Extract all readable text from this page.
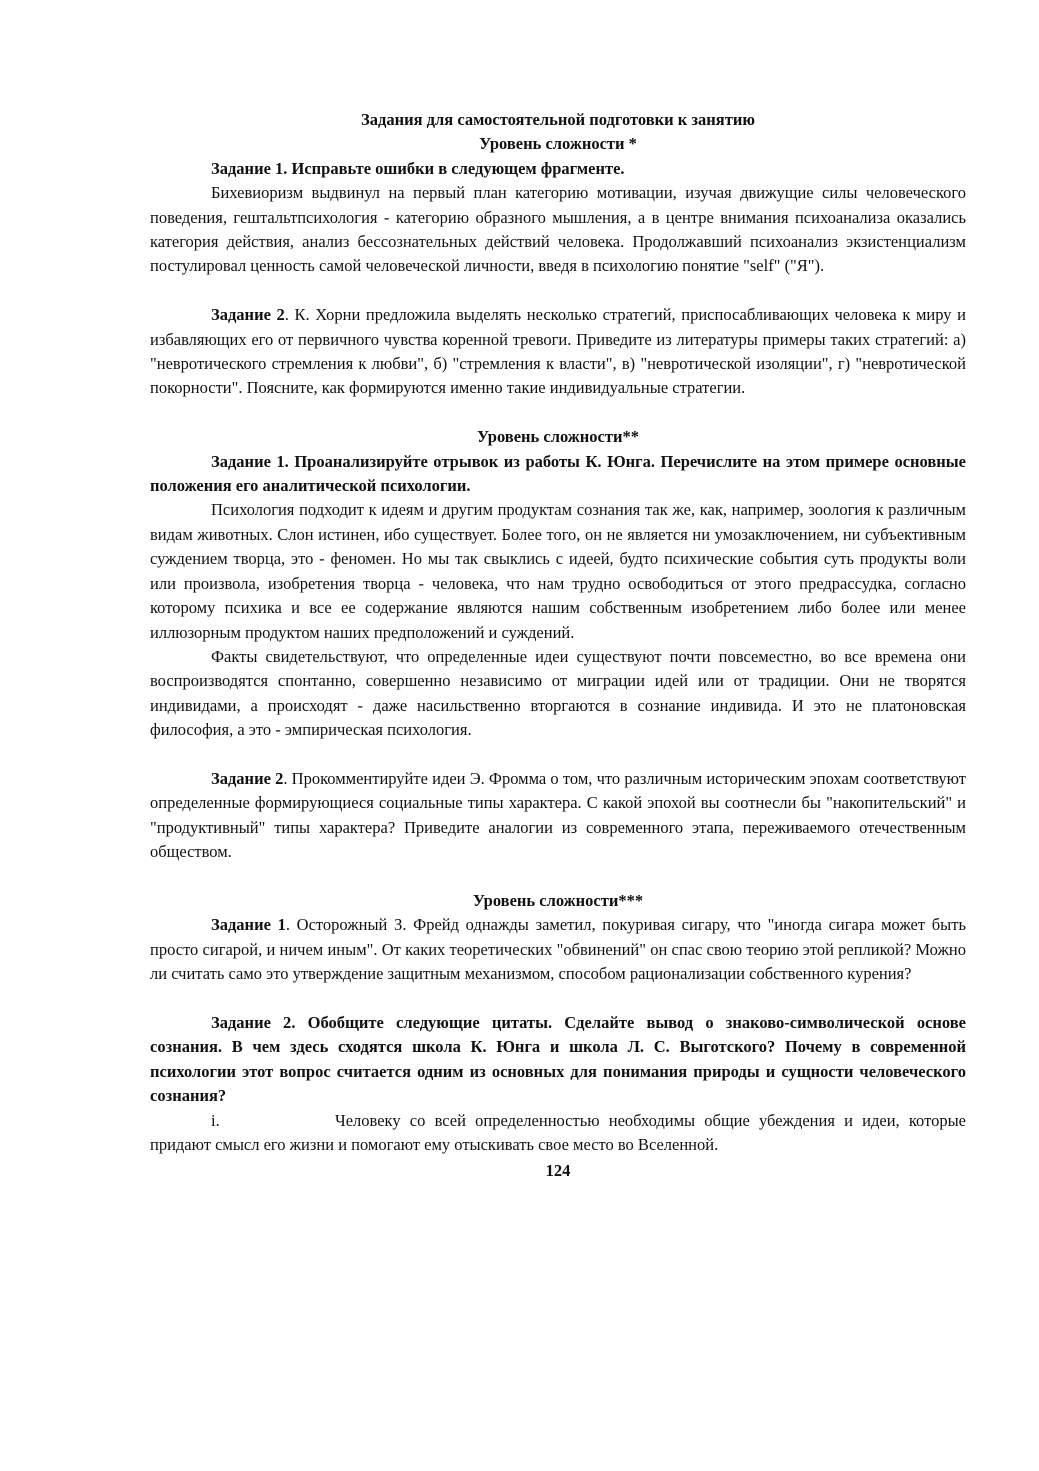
Задания для самостоятельной подготовки к занятию

Уровень сложности *

Задание 1. Исправьте ошибки в следующем фрагменте.

Бихевиоризм выдвинул на первый план категорию мотивации, изучая движущие силы человеческого поведения, гештальтпсихология - категорию образного мышления, а в центре внимания психоанализа оказались категория действия, анализ бессознательных действий человека. Продолжавший психоанализ экзистенциализм постулировал ценность самой человеческой личности, введя в психологию понятие "self" ("Я").

Задание 2. К. Хорни предложила выделять несколько стратегий, приспосабливающих человека к миру и избавляющих его от первичного чувства коренной тревоги. Приведите из литературы примеры таких стратегий: а) "невротического стремления к любви", б) "стремления к власти", в) "невротической изоляции", г) "невротической покорности". Поясните, как формируются именно такие индивидуальные стратегии.

Уровень сложности**

Задание 1. Проанализируйте отрывок из работы К. Юнга. Перечислите на этом примере основные положения его аналитической психологии.

Психология подходит к идеям и другим продуктам сознания так же, как, например, зоология к различным видам животных. Слон истинен, ибо существует. Более того, он не является ни умозаключением, ни субъективным суждением творца, это - феномен. Но мы так свыклись с идеей, будто психические события суть продукты воли или произвола, изобретения творца - человека, что нам трудно освободиться от этого предрассудка, согласно которому психика и все ее содержание являются нашим собственным изобретением либо более или менее иллюзорным продуктом наших предположений и суждений.

Факты свидетельствуют, что определенные идеи существуют почти повсеместно, во все времена они воспроизводятся спонтанно, совершенно независимо от миграции идей или от традиции. Они не творятся индивидами, а происходят - даже насильственно вторгаются в сознание индивида. И это не платоновская философия, а это - эмпирическая психология.

Задание 2. Прокомментируйте идеи Э. Фромма о том, что различным историческим эпохам соответствуют определенные формирующиеся социальные типы характера. С какой эпохой вы соотнесли бы "накопительский" и "продуктивный" типы характера? Приведите аналогии из современного этапа, переживаемого отечественным обществом.

Уровень сложности***

Задание 1. Осторожный З. Фрейд однажды заметил, покуривая сигару, что "иногда сигара может быть просто сигарой, и ничем иным". От каких теоретических "обвинений" он спас свою теорию этой репликой? Можно ли считать само это утверждение защитным механизмом, способом рационализации собственного курения?

Задание 2. Обобщите следующие цитаты. Сделайте вывод о знаково-символической основе сознания. В чем здесь сходятся школа К. Юнга и школа Л. С. Выготского? Почему в современной психологии этот вопрос считается одним из основных для понимания природы и сущности человеческого сознания?

i.	Человеку со всей определенностью необходимы общие убеждения и идеи, которые придают смысл его жизни и помогают ему отыскивать свое место во Вселенной.

124
